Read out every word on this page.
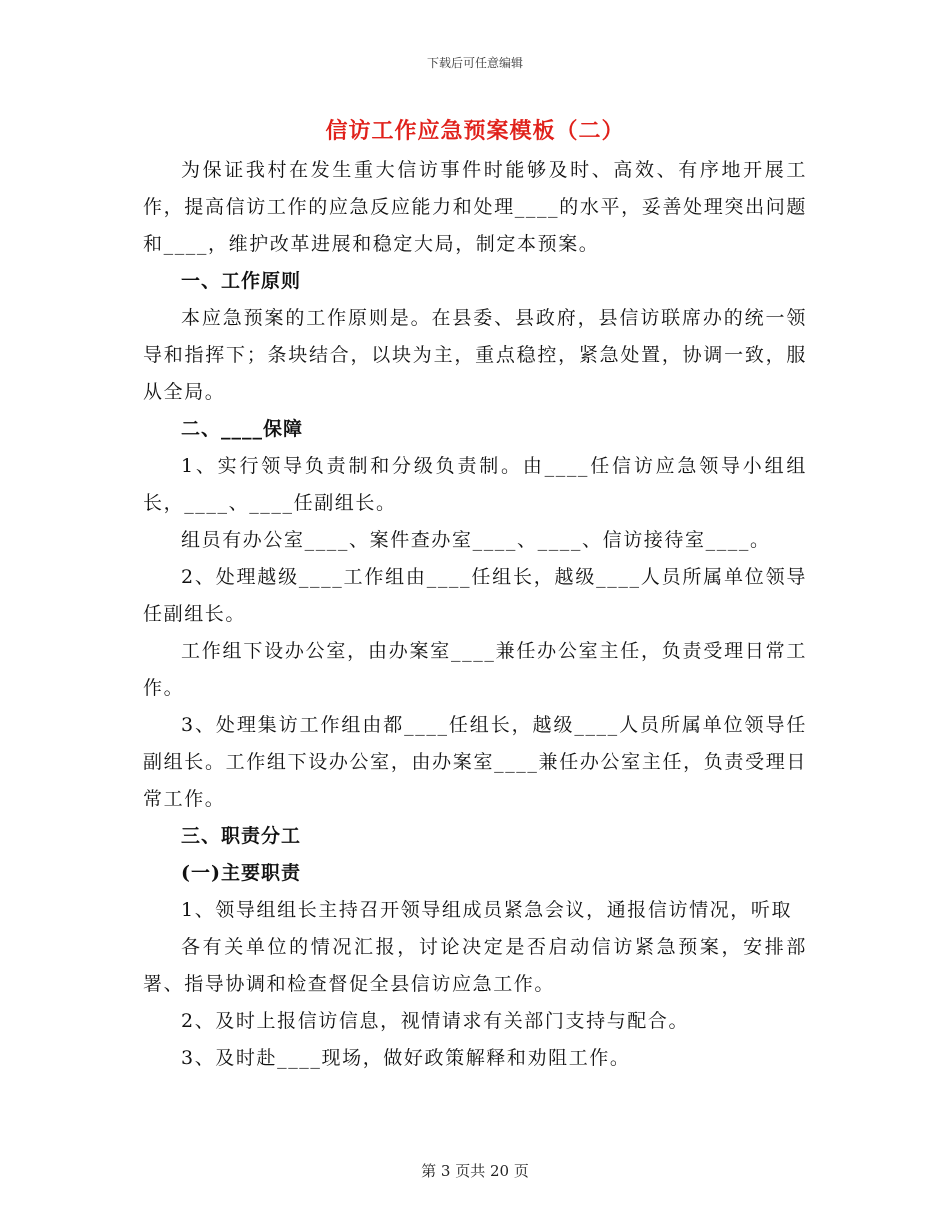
下载后可任意编辑
信访工作应急预案模板（二）

为保证我村在发生重大信访事件时能够及时、高效、有序地开展工作，提高信访工作的应急反应能力和处理____的水平，妥善处理突出问题和____，维护改革进展和稳定大局，制定本预案。

一、工作原则

本应急预案的工作原则是。在县委、县政府，县信访联席办的统一领导和指挥下；条块结合，以块为主，重点稳控，紧急处置，协调一致，服从全局。

二、____保障

1、实行领导负责制和分级负责制。由____任信访应急领导小组组长，____、____任副组长。

组员有办公室____、案件查办室____、____、信访接待室____。

2、处理越级____工作组由____任组长，越级____人员所属单位领导任副组长。

工作组下设办公室，由办案室____兼任办公室主任，负责受理日常工作。

3、处理集访工作组由都____任组长，越级____人员所属单位领导任副组长。工作组下设办公室，由办案室____兼任办公室主任，负责受理日常工作。

三、职责分工

(一)主要职责

1、领导组组长主持召开领导组成员紧急会议，通报信访情况，听取

各有关单位的情况汇报，讨论决定是否启动信访紧急预案，安排部署、指导协调和检查督促全县信访应急工作。

2、及时上报信访信息，视情请求有关部门支持与配合。

3、及时赴____现场，做好政策解释和劝阻工作。

第 3 页共 20 页
